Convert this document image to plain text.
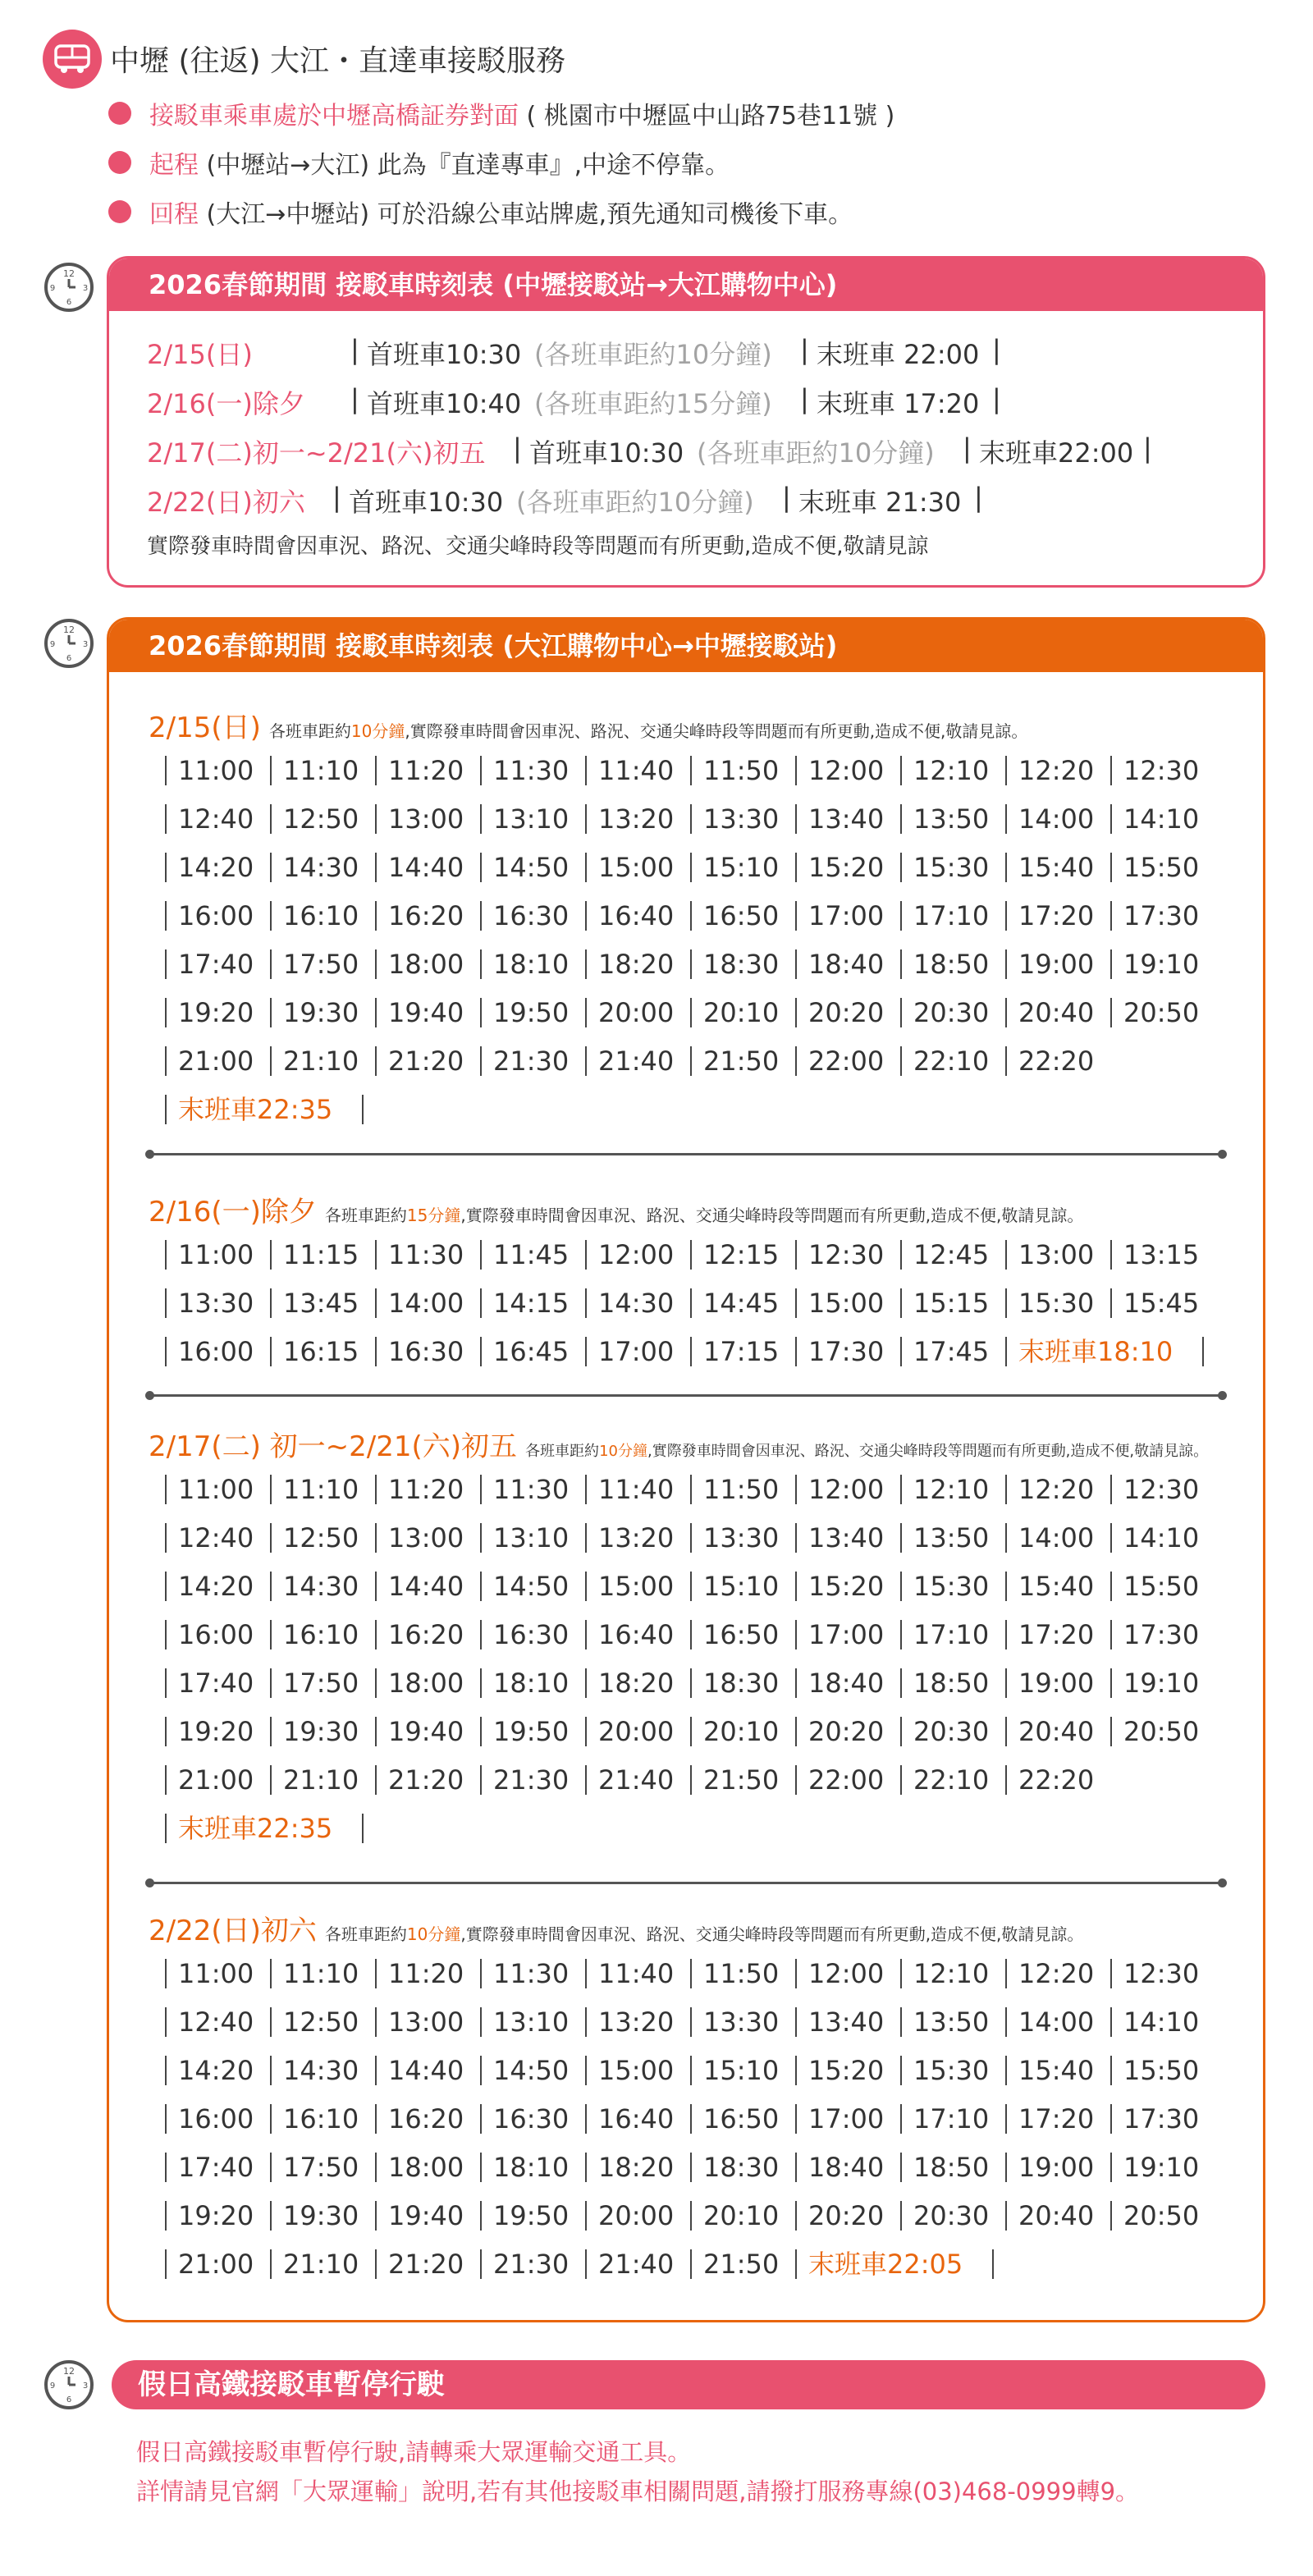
中壢 (往返) 大江・直達車接駁服務
接駁車乘車處於中壢高橋証券對面 ( 桃園市中壢區中山路75巷11號 )
起程 (中壢站→大江) 此為『直達專車』,中途不停靠。
回程 (大江→中壢站) 可於沿線公車站牌處,預先通知司機後下車。
12
9	3
6
12
9	3
6
12
9	3
6
2026春節期間 接駁車時刻表 (中壢接駁站→大江購物中心)
2/15(日)	| 首班車10:30 (各班車距約10分鐘) | 末班車 22:00 |
2/16(一)除夕 | 首班車10:40 (各班車距約15分鐘) | 末班車 17:20 |
2/17(二)初一~2/21(六)初五 | 首班車10:30 (各班車距約10分鐘) | 末班車22:00 |
2/22(日)初六 | 首班車10:30 (各班車距約10分鐘) | 末班車 21:30 |
實際發車時間會因車況、路況、交通尖峰時段等問題而有所更動,造成不便,敬請見諒
2026春節期間 接駁車時刻表 (大江購物中心→中壢接駁站)
2/15(日) 各班車距約10分鐘,實際發車時間會因車況、路況、交通尖峰時段等問題而有所更動,造成不便,敬請見諒。
11:00 11:10 11:20 11:30 11:40 11:50 12:00 12:10 12:20 12:30
12:40 12:50 13:00 13:10 13:20 13:30 13:40 13:50 14:00 14:10
14:20 14:30 14:40 14:50 15:00 15:10 15:20 15:30 15:40 15:50
16:00 16:10 16:20 16:30 16:40 16:50 17:00 17:10 17:20 17:30
17:40 17:50 18:00 18:10 18:20 18:30 18:40 18:50 19:00 19:10
19:20 19:30 19:40 19:50 20:00 20:10 20:20 20:30 20:40 20:50
21:00 21:10 21:20 21:30 21:40 21:50 22:00 22:10 22:20
末班車22:35
2/16(一)除夕 各班車距約15分鐘,實際發車時間會因車況、路況、交通尖峰時段等問題而有所更動,造成不便,敬請見諒。
11:00 11:15 11:30 11:45 12:00 12:15 12:30 12:45 13:00 13:15
13:30 13:45 14:00 14:15 14:30 14:45 15:00 15:15 15:30 15:45
16:00 16:15 16:30 16:45 17:00 17:15 17:30 17:45 末班車18:10
2/17(二) 初一~2/21(六)初五 各班車距約10分鐘,實際發車時間會因車況、路況、交通尖峰時段等問題而有所更動,造成不便,敬請見諒。
11:00 11:10 11:20 11:30 11:40 11:50 12:00 12:10 12:20 12:30
12:40 12:50 13:00 13:10 13:20 13:30 13:40 13:50 14:00 14:10
14:20 14:30 14:40 14:50 15:00 15:10 15:20 15:30 15:40 15:50
16:00 16:10 16:20 16:30 16:40 16:50 17:00 17:10 17:20 17:30
17:40 17:50 18:00 18:10 18:20 18:30 18:40 18:50 19:00 19:10
19:20 19:30 19:40 19:50 20:00 20:10 20:20 20:30 20:40 20:50
21:00 21:10 21:20 21:30 21:40 21:50 22:00 22:10 22:20
末班車22:35
2/22(日)初六 各班車距約10分鐘,實際發車時間會因車況、路況、交通尖峰時段等問題而有所更動,造成不便,敬請見諒。
11:00 11:10 11:20 11:30 11:40 11:50 12:00 12:10 12:20 12:30
12:40 12:50 13:00 13:10 13:20 13:30 13:40 13:50 14:00 14:10
14:20 14:30 14:40 14:50 15:00 15:10 15:20 15:30 15:40 15:50
16:00 16:10 16:20 16:30 16:40 16:50 17:00 17:10 17:20 17:30
17:40 17:50 18:00 18:10 18:20 18:30 18:40 18:50 19:00 19:10
19:20 19:30 19:40 19:50 20:00 20:10 20:20 20:30 20:40 20:50
21:00 21:10 21:20 21:30 21:40 21:50 末班車22:05
假日高鐵接駁車暫停行駛
假日高鐵接駁車暫停行駛,請轉乘大眾運輸交通工具。
詳情請見官網「大眾運輸」說明,若有其他接駁車相關問題,請撥打服務專線(03)468-0999轉9。
